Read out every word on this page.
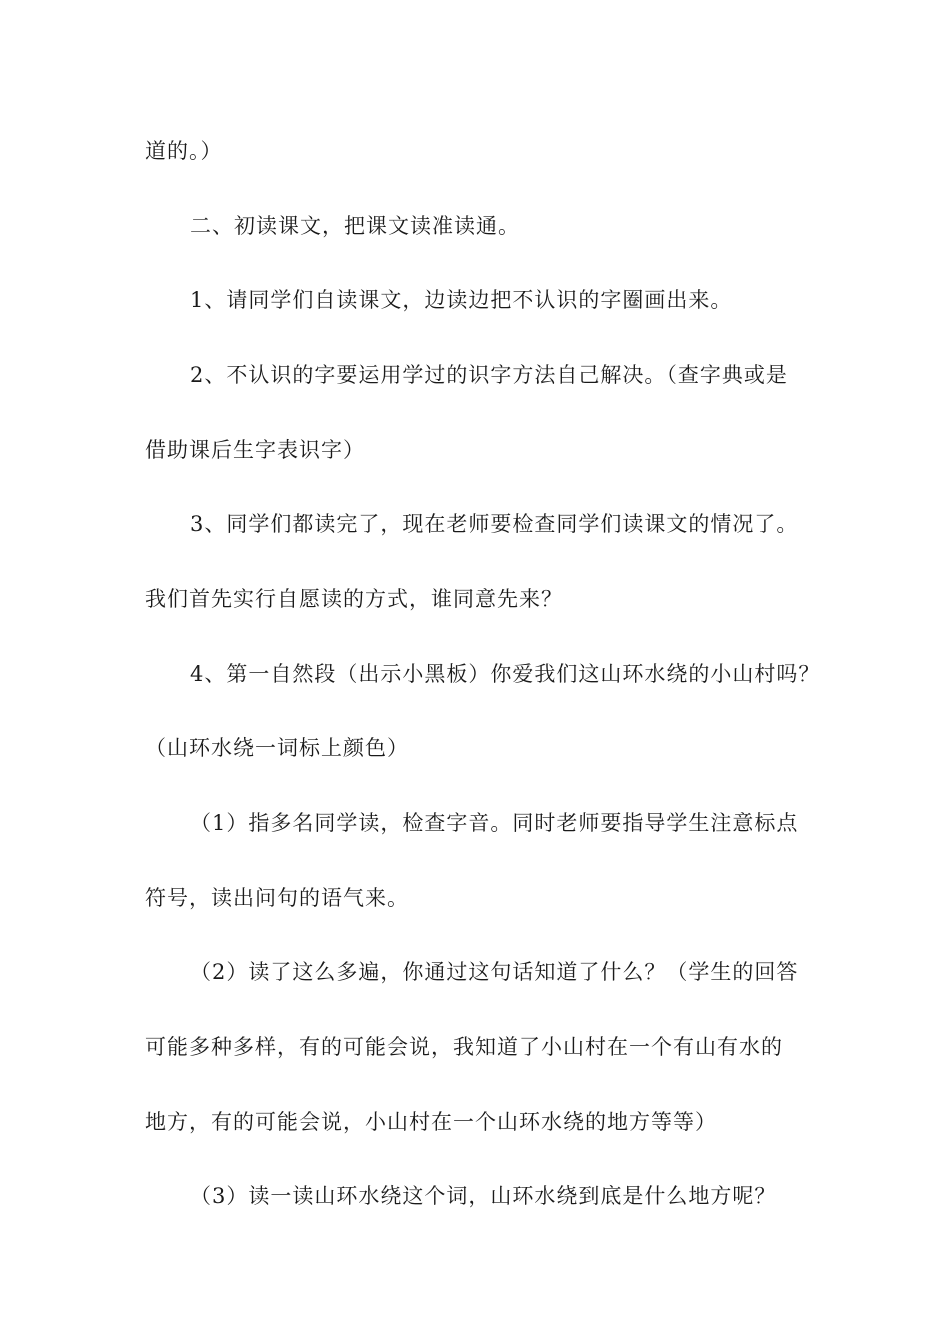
道的。）
二、初读课文，把课文读准读通。
1、请同学们自读课文，边读边把不认识的字圈画出来。
2、不认识的字要运用学过的识字方法自己解决。（查字典或是
借助课后生字表识字）
3、同学们都读完了，现在老师要检查同学们读课文的情况了。
我们首先实行自愿读的方式，谁同意先来？
4、第一自然段（出示小黑板）你爱我们这山环水绕的小山村吗？
（山环水绕一词标上颜色）
（1）指多名同学读，检查字音。同时老师要指导学生注意标点
符号，读出问句的语气来。
（2）读了这么多遍，你通过这句话知道了什么？（学生的回答
可能多种多样，有的可能会说，我知道了小山村在一个有山有水的
地方，有的可能会说，小山村在一个山环水绕的地方等等）
（3）读一读山环水绕这个词，山环水绕到底是什么地方呢？
